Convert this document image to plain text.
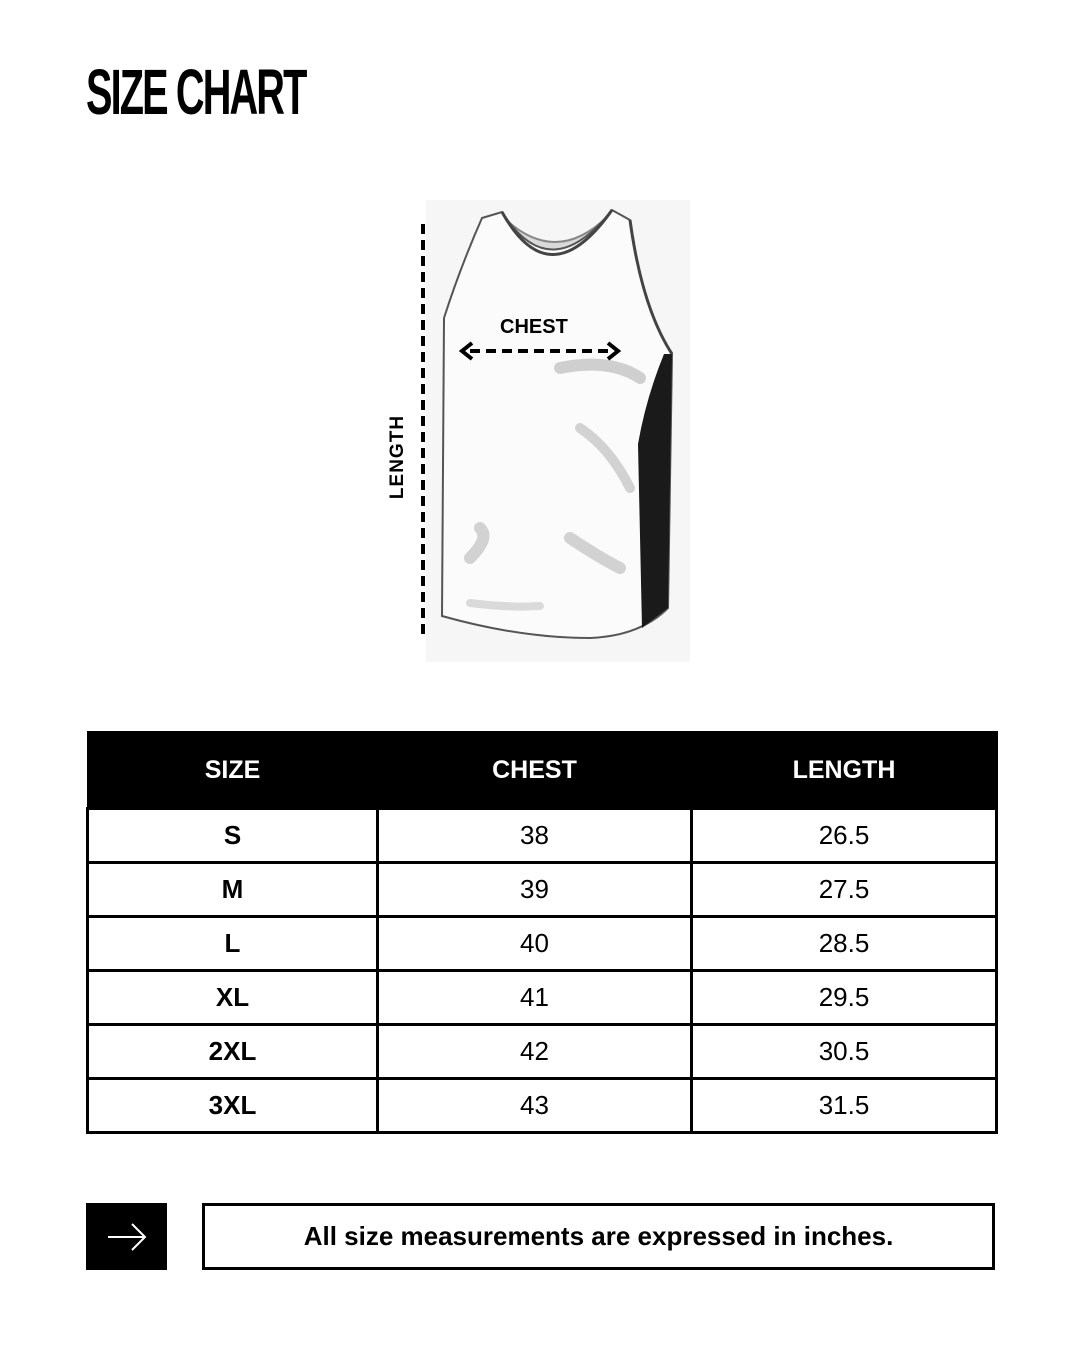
SIZE CHART
CHEST
LENGTH
SIZE	CHEST	LENGTH
S	38	26.5
M	39	27.5
L	40	28.5
XL	41	29.5
2XL	42	30.5
3XL	43	31.5
All size measurements are expressed in inches.
